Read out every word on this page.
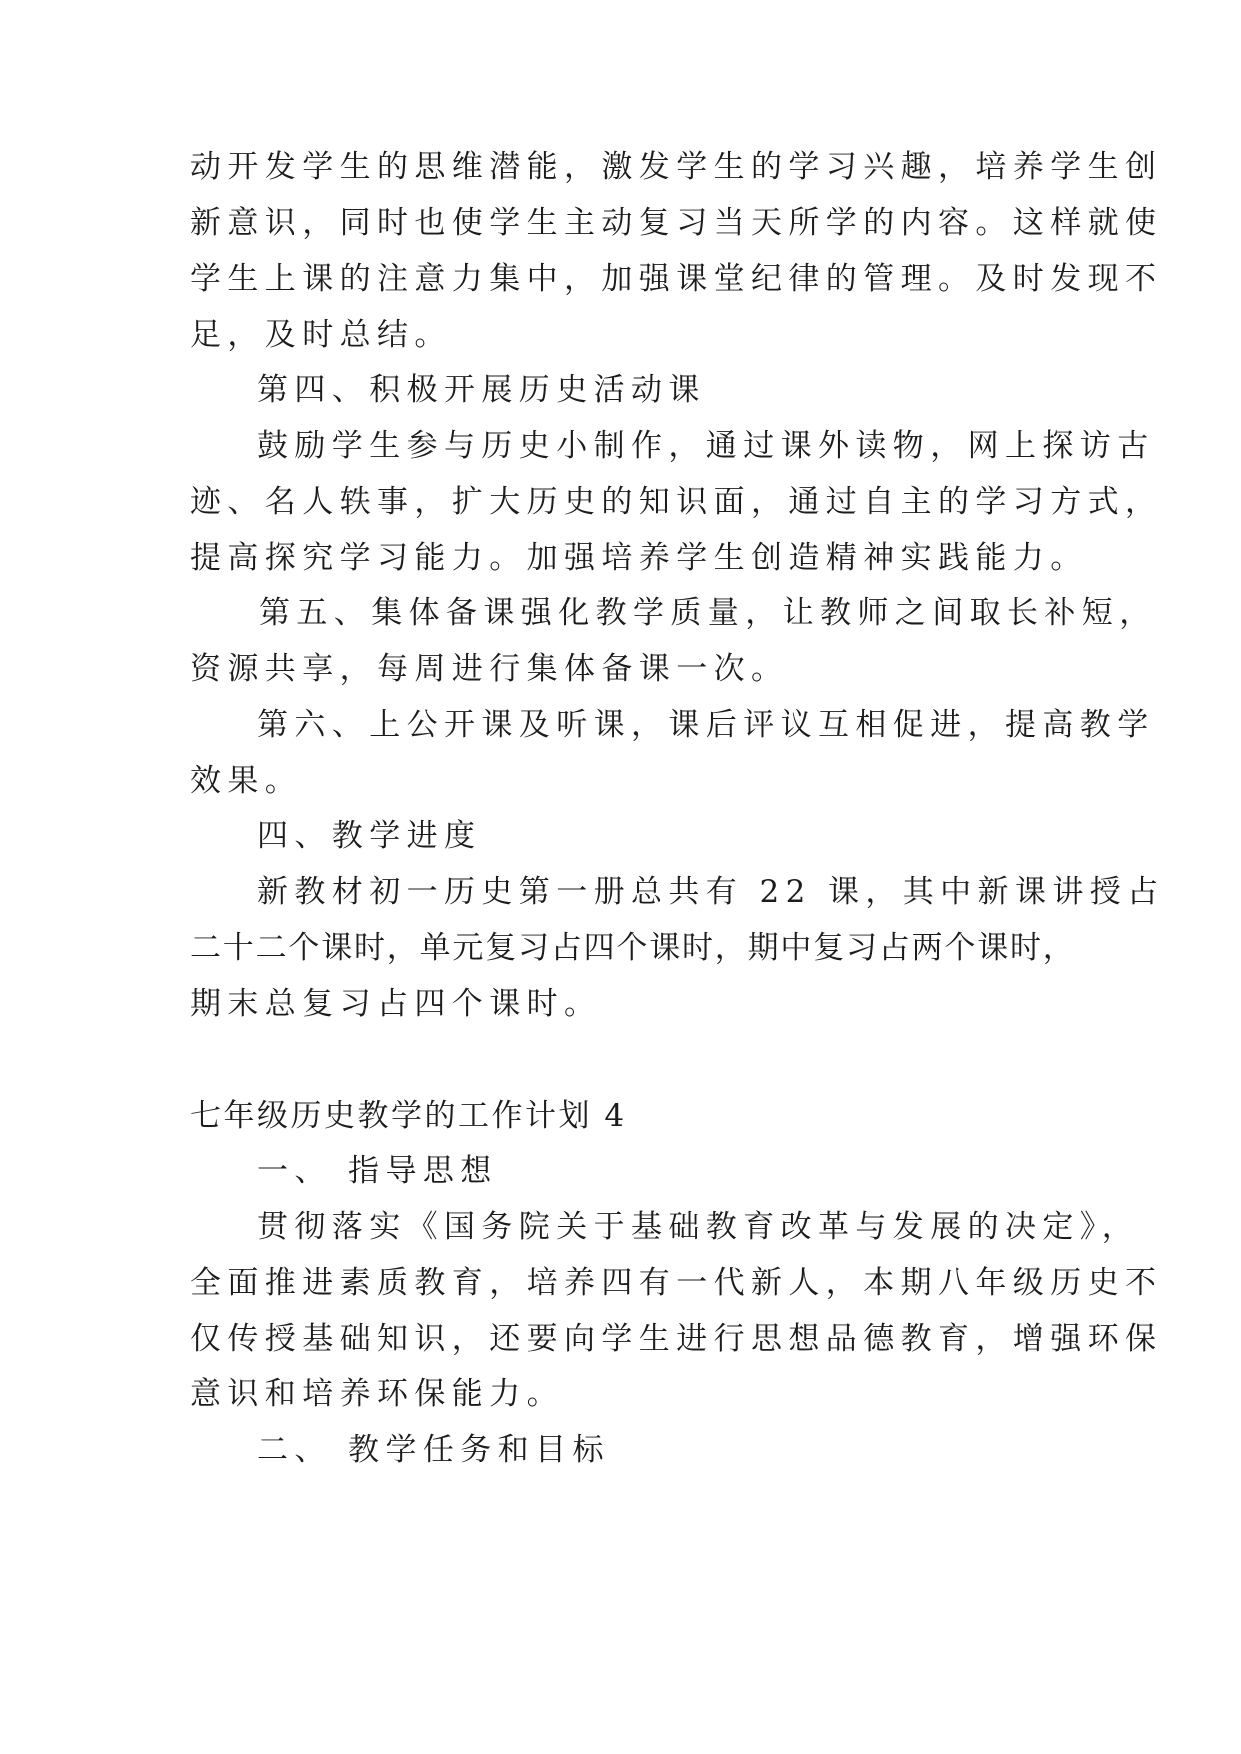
动开发学生的思维潜能，激发学生的学习兴趣，培养学生创
新意识，同时也使学生主动复习当天所学的内容。这样就使
学生上课的注意力集中，加强课堂纪律的管理。及时发现不
足，及时总结。
第四、积极开展历史活动课
鼓励学生参与历史小制作，通过课外读物，网上探访古
迹、名人轶事，扩大历史的知识面，通过自主的学习方式，
提高探究学习能力。加强培养学生创造精神实践能力。
第五、集体备课强化教学质量，让教师之间取长补短，
资源共享，每周进行集体备课一次。
第六、上公开课及听课，课后评议互相促进，提高教学
效果。
四、教学进度
新教材初一历史第一册总共有 22 课，其中新课讲授占
二十二个课时，单元复习占四个课时，期中复习占两个课时，
期末总复习占四个课时。
七年级历史教学的工作计划 4
一、 指导思想
贯彻落实《国务院关于基础教育改革与发展的决定》，
全面推进素质教育，培养四有一代新人，本期八年级历史不
仅传授基础知识，还要向学生进行思想品德教育，增强环保
意识和培养环保能力。
二、 教学任务和目标
